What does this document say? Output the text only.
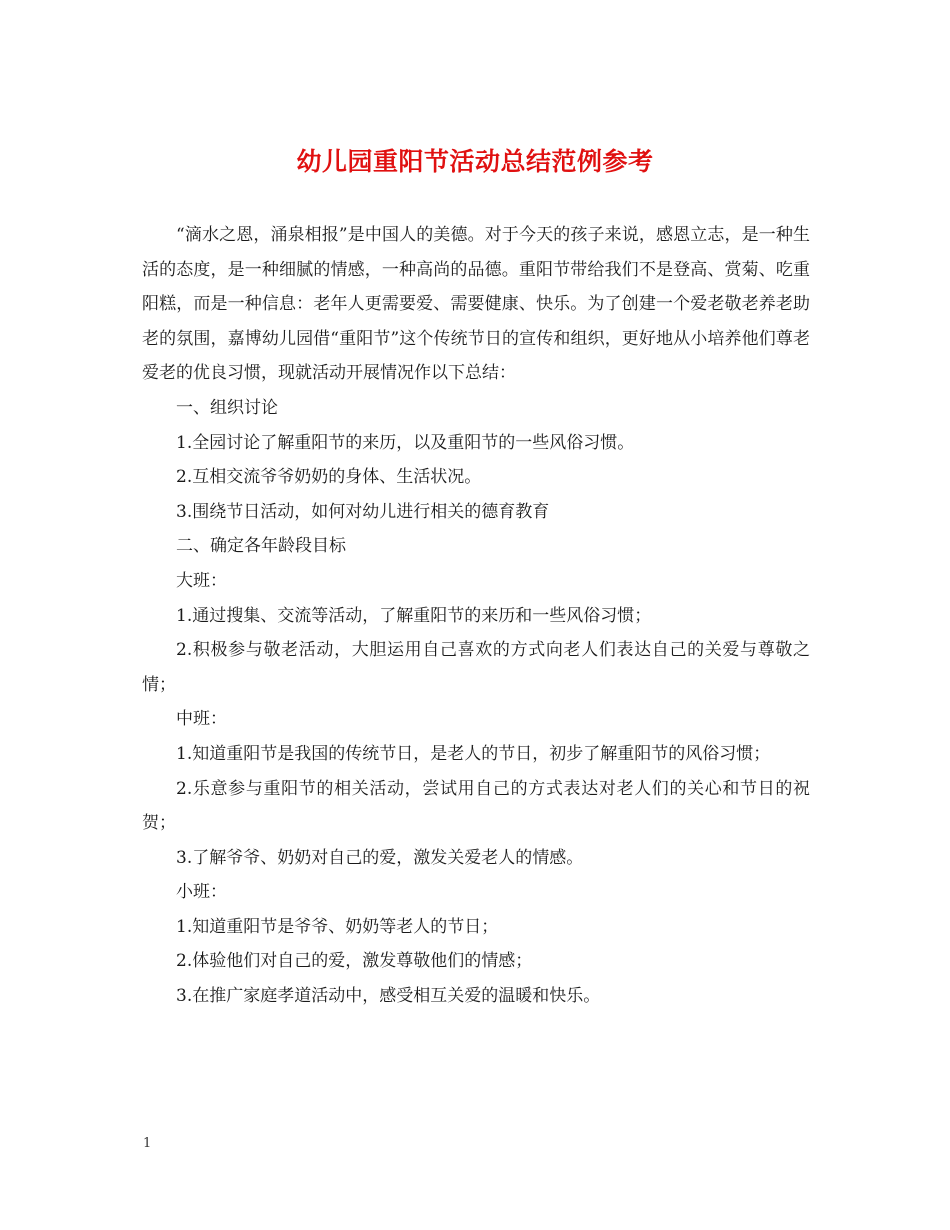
幼儿园重阳节活动总结范例参考

“滴水之恩，涌泉相报”是中国人的美德。对于今天的孩子来说，感恩立志，是一种生活的态度，是一种细腻的情感，一种高尚的品德。重阳节带给我们不是登高、赏菊、吃重阳糕，而是一种信息：老年人更需要爱、需要健康、快乐。为了创建一个爱老敬老养老助老的氛围，嘉博幼儿园借“重阳节”这个传统节日的宣传和组织，更好地从小培养他们尊老爱老的优良习惯，现就活动开展情况作以下总结：

一、组织讨论

1.全园讨论了解重阳节的来历，以及重阳节的一些风俗习惯。

2.互相交流爷爷奶奶的身体、生活状况。

3.围绕节日活动，如何对幼儿进行相关的德育教育

二、确定各年龄段目标

大班：

1.通过搜集、交流等活动，了解重阳节的来历和一些风俗习惯；

2.积极参与敬老活动，大胆运用自己喜欢的方式向老人们表达自己的关爱与尊敬之情；

中班：

1.知道重阳节是我国的传统节日，是老人的节日，初步了解重阳节的风俗习惯；

2.乐意参与重阳节的相关活动，尝试用自己的方式表达对老人们的关心和节日的祝贺；

3.了解爷爷、奶奶对自己的爱，激发关爱老人的情感。

小班：

1.知道重阳节是爷爷、奶奶等老人的节日；

2.体验他们对自己的爱，激发尊敬他们的情感；

3.在推广家庭孝道活动中，感受相互关爱的温暖和快乐。

1
